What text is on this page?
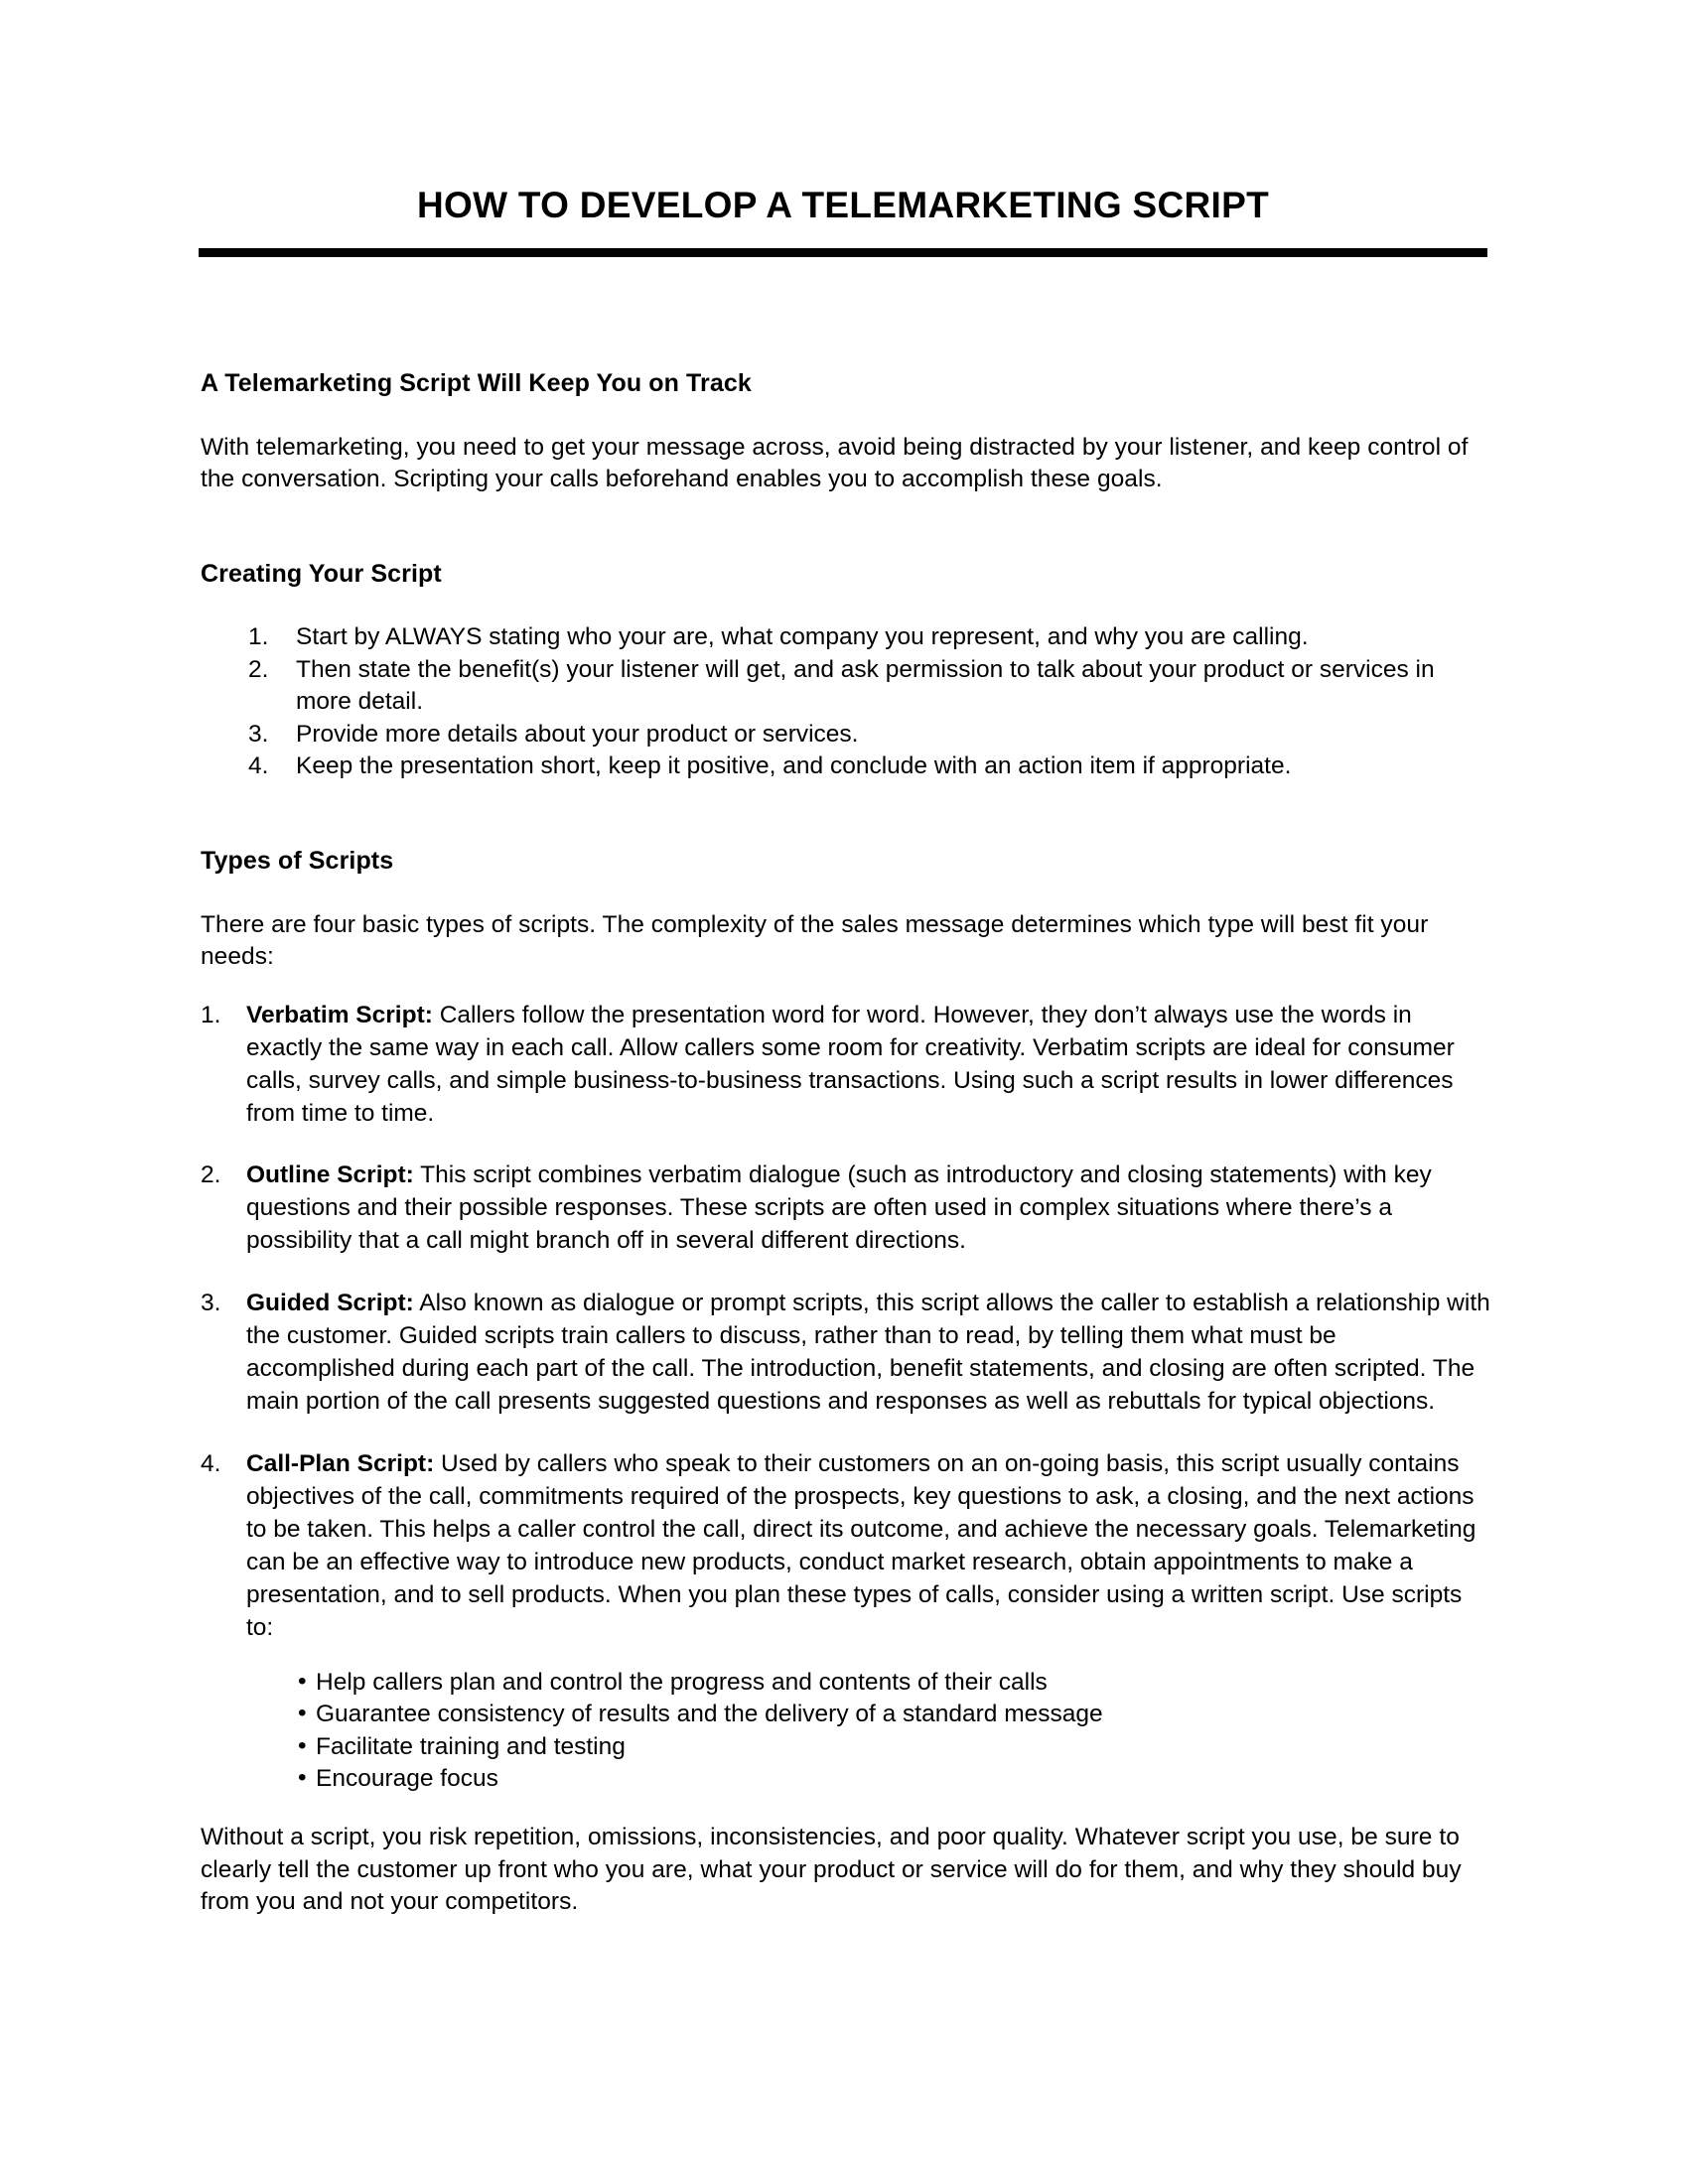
HOW TO DEVELOP A TELEMARKETING SCRIPT
A Telemarketing Script Will Keep You on Track

With telemarketing, you need to get your message across, avoid being distracted by your listener, and keep control of the conversation. Scripting your calls beforehand enables you to accomplish these goals.

Creating Your Script
1.	Start by ALWAYS stating who your are, what company you represent, and why you are calling.
2.	Then state the benefit(s) your listener will get, and ask permission to talk about your product or services in more detail.
3.	Provide more details about your product or services.
4.	Keep the presentation short, keep it positive, and conclude with an action item if appropriate.
Types of Scripts

There are four basic types of scripts. The complexity of the sales message determines which type will best fit your needs:

1.	Verbatim Script: Callers follow the presentation word for word. However, they don’t always use the words in exactly the same way in each call. Allow callers some room for creativity. Verbatim scripts are ideal for consumer calls, survey calls, and simple business-to-business transactions. Using such a script results in lower differences from time to time.
2.	Outline Script: This script combines verbatim dialogue (such as introductory and closing statements) with key questions and their possible responses. These scripts are often used in complex situations where there’s a possibility that a call might branch off in several different directions.
3.	Guided Script: Also known as dialogue or prompt scripts, this script allows the caller to establish a relationship with the customer. Guided scripts train callers to discuss, rather than to read, by telling them what must be accomplished during each part of the call. The introduction, benefit statements, and closing are often scripted. The main portion of the call presents suggested questions and responses as well as rebuttals for typical objections.
4.	Call-Plan Script: Used by callers who speak to their customers on an on-going basis, this script usually contains objectives of the call, commitments required of the prospects, key questions to ask, a closing, and the next actions to be taken. This helps a caller control the call, direct its outcome, and achieve the necessary goals. Telemarketing can be an effective way to introduce new products, conduct market research, obtain appointments to make a presentation, and to sell products. When you plan these types of calls, consider using a written script. Use scripts to:
• Help callers plan and control the progress and contents of their calls
• Guarantee consistency of results and the delivery of a standard message
• Facilitate training and testing
• Encourage focus

Without a script, you risk repetition, omissions, inconsistencies, and poor quality. Whatever script you use, be sure to clearly tell the customer up front who you are, what your product or service will do for them, and why they should buy from you and not your competitors.
